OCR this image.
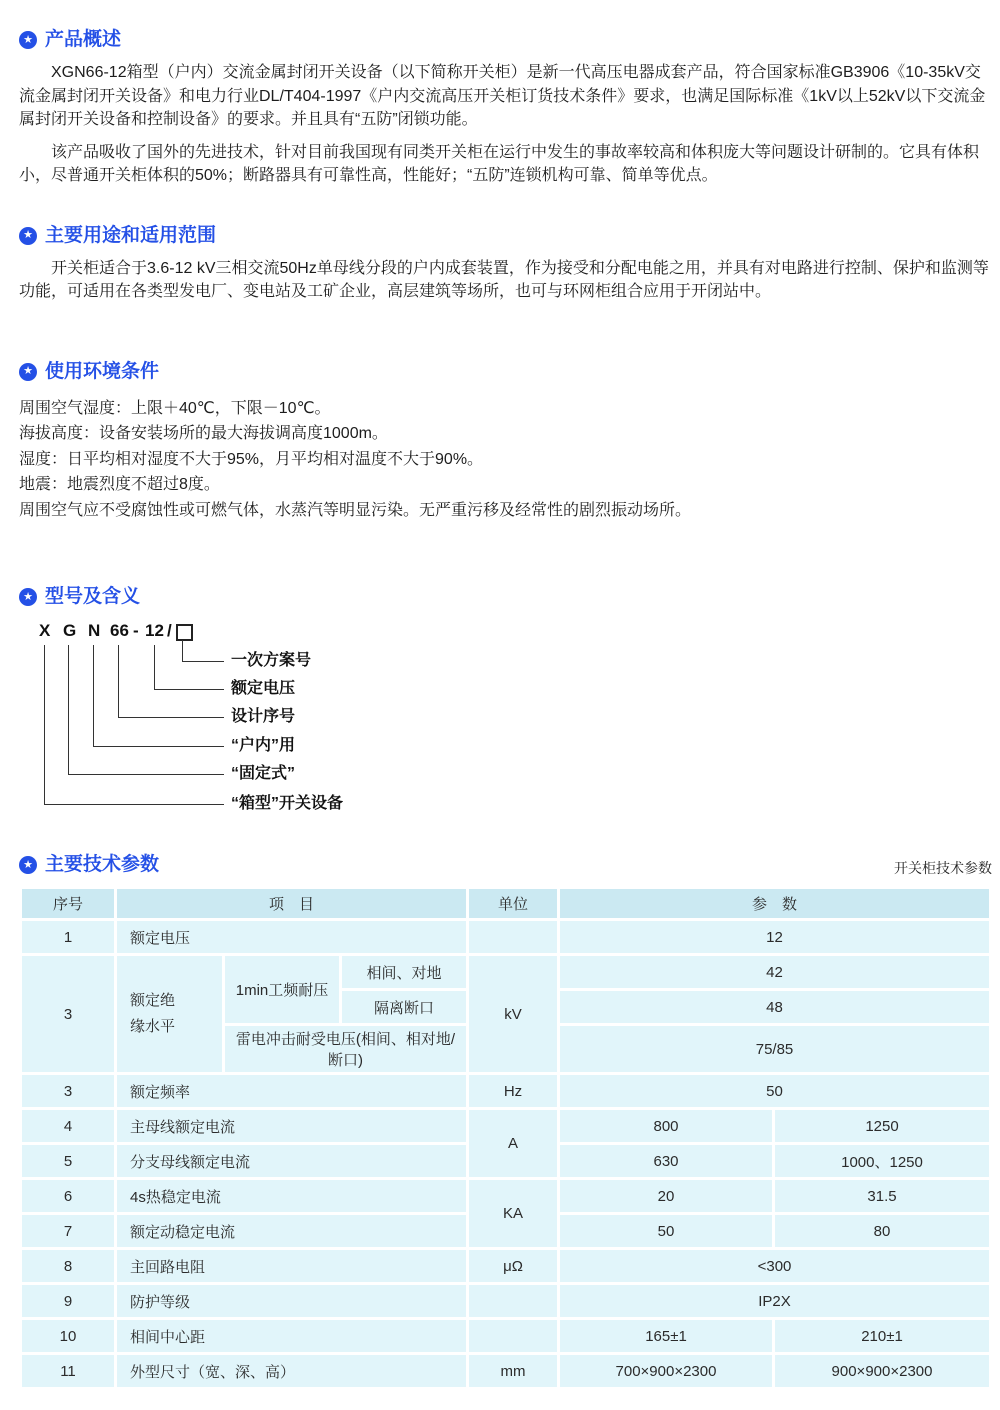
★ 产品概述

XGN66-12箱型（户内）交流金属封闭开关设备（以下简称开关柜）是新一代高压电器成套产品，符合国家标准GB3906《10-35kV交流金属封闭开关设备》和电力行业DL/T404-1997《户内交流高压开关柜订货技术条件》要求，也满足国际标准《1kV以上52kV以下交流金属封闭开关设备和控制设备》的要求。并且具有“五防”闭锁功能。

该产品吸收了国外的先进技术，针对目前我国现有同类开关柜在运行中发生的事故率较高和体积庞大等问题设计研制的。它具有体积小，尽普通开关柜体积的50%；断路器具有可靠性高，性能好；“五防”连锁机构可靠、简单等优点。

★ 主要用途和适用范围

开关柜适合于3.6-12 kV三相交流50Hz单母线分段的户内成套装置，作为接受和分配电能之用，并具有对电路进行控制、保护和监测等功能，可适用在各类型发电厂、变电站及工矿企业，高层建筑等场所，也可与环网柜组合应用于开闭站中。

★ 使用环境条件

周围空气湿度：上限＋40℃，下限－10℃。

海拔高度：设备安装场所的最大海拔调高度1000m。

湿度：日平均相对湿度不大于95%，月平均相对温度不大于90%。

地震：地震烈度不超过8度。

周围空气应不受腐蚀性或可燃气体，水蒸汽等明显污染。无严重污移及经常性的剧烈振动场所。

★ 型号及含义
X G N 66 - 12 /
一次方案号
额定电压
设计序号
“户内”用
“固定式”
“箱型”开关设备
★ 主要技术参数	开关柜技术参数
序号	项　目			单位	参　数	
1	额定电压				12	
3	额定绝
缘水平	1min工频耐压	相间、对地	kV	42	
			隔离断口		48	
		雷电冲击耐受电压(相间、相对地/断口)			75/85	
3	额定频率			Hz	50	
4	主母线额定电流			A	800	1250
5	分支母线额定电流				630	1000、1250
6	4s热稳定电流			KA	20	31.5
7	额定动稳定电流				50	80
8	主回路电阻			μΩ	<300	
9	防护等级				IP2X	
10	相间中心距				165±1	210±1
11	外型尺寸（宽、深、高）			mm	700×900×2300	900×900×2300
